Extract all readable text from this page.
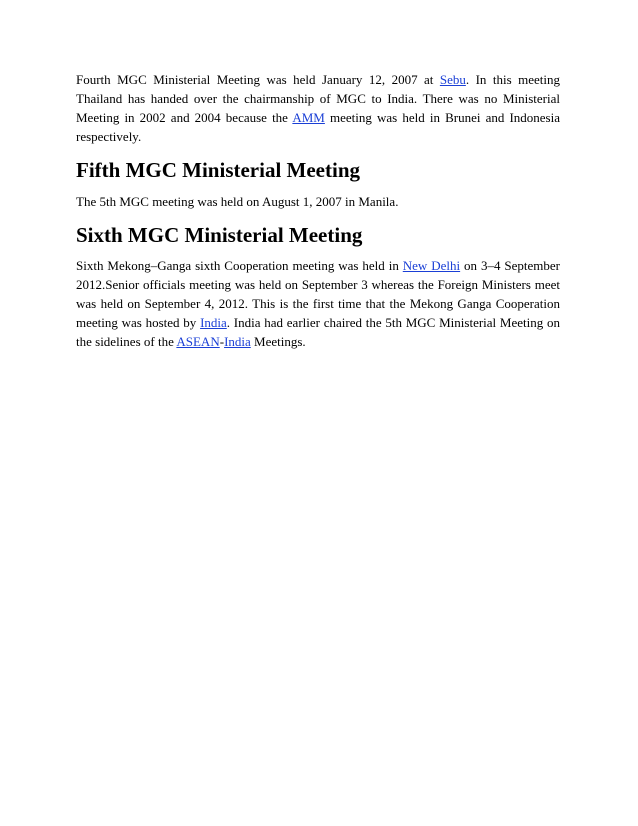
Fourth MGC Ministerial Meeting was held January 12, 2007 at Sebu. In this meeting Thailand has handed over the chairmanship of MGC to India. There was no Ministerial Meeting in 2002 and 2004 because the AMM meeting was held in Brunei and Indonesia respectively.

Fifth MGC Ministerial Meeting

The 5th MGC meeting was held on August 1, 2007 in Manila.

Sixth MGC Ministerial Meeting

Sixth Mekong–Ganga sixth Cooperation meeting was held in New Delhi on 3–4 September 2012.Senior officials meeting was held on September 3 whereas the Foreign Ministers meet was held on September 4, 2012. This is the first time that the Mekong Ganga Cooperation meeting was hosted by India. India had earlier chaired the 5th MGC Ministerial Meeting on the sidelines of the ASEAN-India Meetings.
